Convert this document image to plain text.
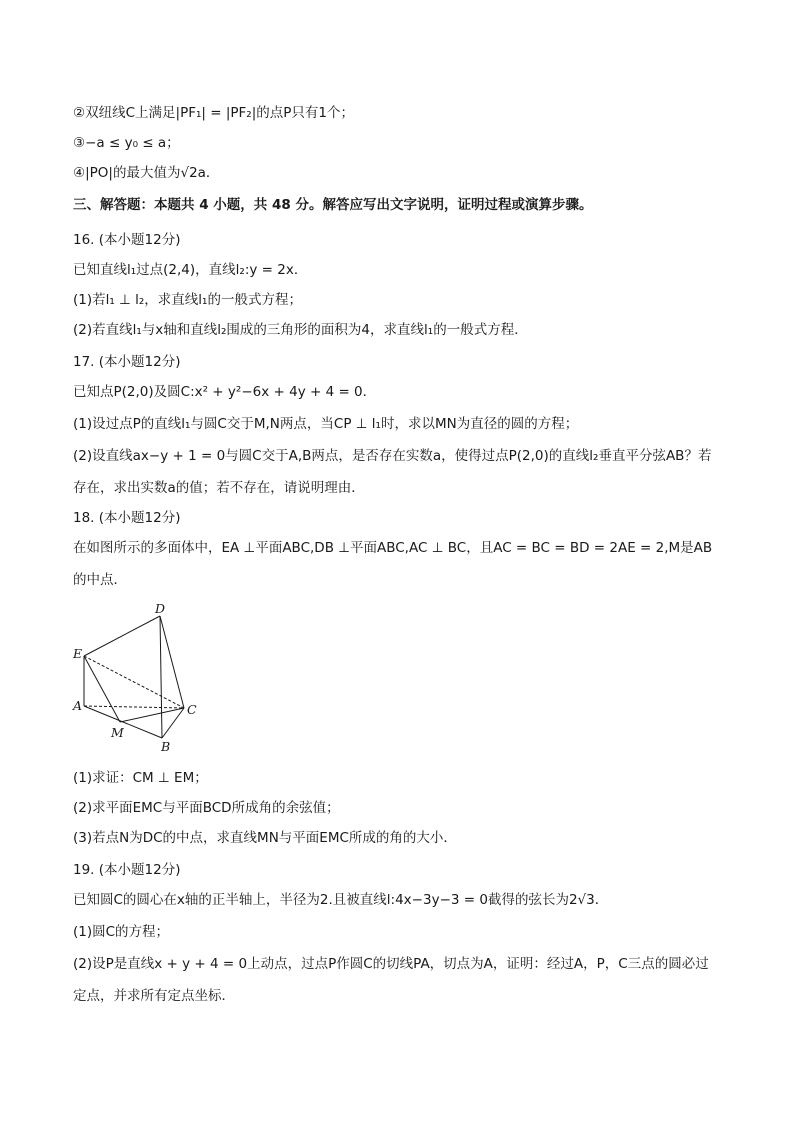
②双纽线C上满足|PF₁| = |PF₂|的点P只有1个；
③−a ≤ y₀ ≤ a；
④|PO|的最大值为√2a．
三、解答题：本题共 4 小题，共 48 分。解答应写出文字说明，证明过程或演算步骤。
16. (本小题12分)
已知直线l₁过点(2,4)，直线l₂:y = 2x．
(1)若l₁ ⊥ l₂，求直线l₁的一般式方程；
(2)若直线l₁与x轴和直线l₂围成的三角形的面积为4，求直线l₁的一般式方程．
17. (本小题12分)
已知点P(2,0)及圆C:x² + y²−6x + 4y + 4 = 0．
(1)设过点P的直线l₁与圆C交于M,N两点，当CP ⊥ l₁时，求以MN为直径的圆的方程；
(2)设直线ax−y + 1 = 0与圆C交于A,B两点，是否存在实数a，使得过点P(2,0)的直线l₂垂直平分弦AB？若
存在，求出实数a的值；若不存在，请说明理由．
18. (本小题12分)
在如图所示的多面体中，EA ⊥平面ABC,DB ⊥平面ABC,AC ⊥ BC，且AC = BC = BD = 2AE = 2,M是AB
的中点．
D
E
A	C
M
B
(1)求证：CM ⊥ EM；
(2)求平面EMC与平面BCD所成角的余弦值；
(3)若点N为DC的中点，求直线MN与平面EMC所成的角的大小．
19. (本小题12分)
已知圆C的圆心在x轴的正半轴上，半径为2.且被直线l:4x−3y−3 = 0截得的弦长为2√3．
(1)圆C的方程；
(2)设P是直线x + y + 4 = 0上动点，过点P作圆C的切线PA，切点为A，证明：经过A，P，C三点的圆必过
定点，并求所有定点坐标．
